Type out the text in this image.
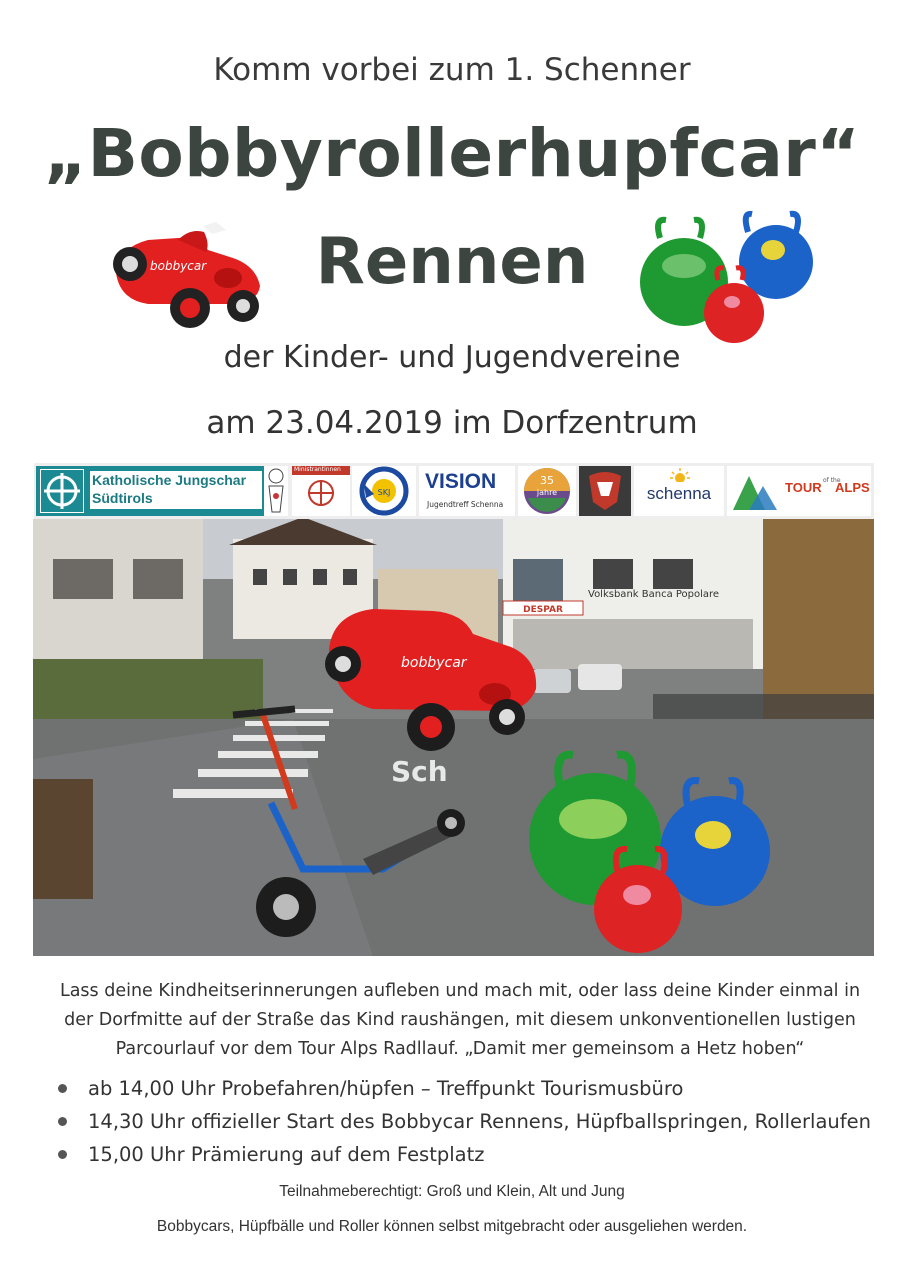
Komm vorbei zum 1. Schenner
„Bobbyrollerhupfcar“
Rennen
der Kinder- und Jugendvereine
am 23.04.2019 im Dorfzentrum
bobbycar
Katholische Jungschar
Südtirols
Ministrantinnen
SKJ VISION
Jugendtreff Schenna
35
jahre	schenna	TOUR of the
ALPS
DESPAR
Volksbank Banca Popolare
Sch
bobbycar
Lass deine Kindheitserinnerungen aufleben und mach mit, oder lass deine Kinder einmal in der Dorfmitte auf der Straße das Kind raushängen, mit diesem unkonventionellen lustigen Parcourlauf vor dem Tour Alps Radllauf. „Damit mer gemeinsom a Hetz hoben“
ab 14,00 Uhr Probefahren/hüpfen – Treffpunkt Tourismusbüro
14,30 Uhr offizieller Start des Bobbycar Rennens, Hüpfballspringen, Rollerlaufen
15,00 Uhr Prämierung auf dem Festplatz
Teilnahmeberechtigt: Groß und Klein, Alt und Jung
Bobbycars, Hüpfbälle und Roller können selbst mitgebracht oder ausgeliehen werden.
